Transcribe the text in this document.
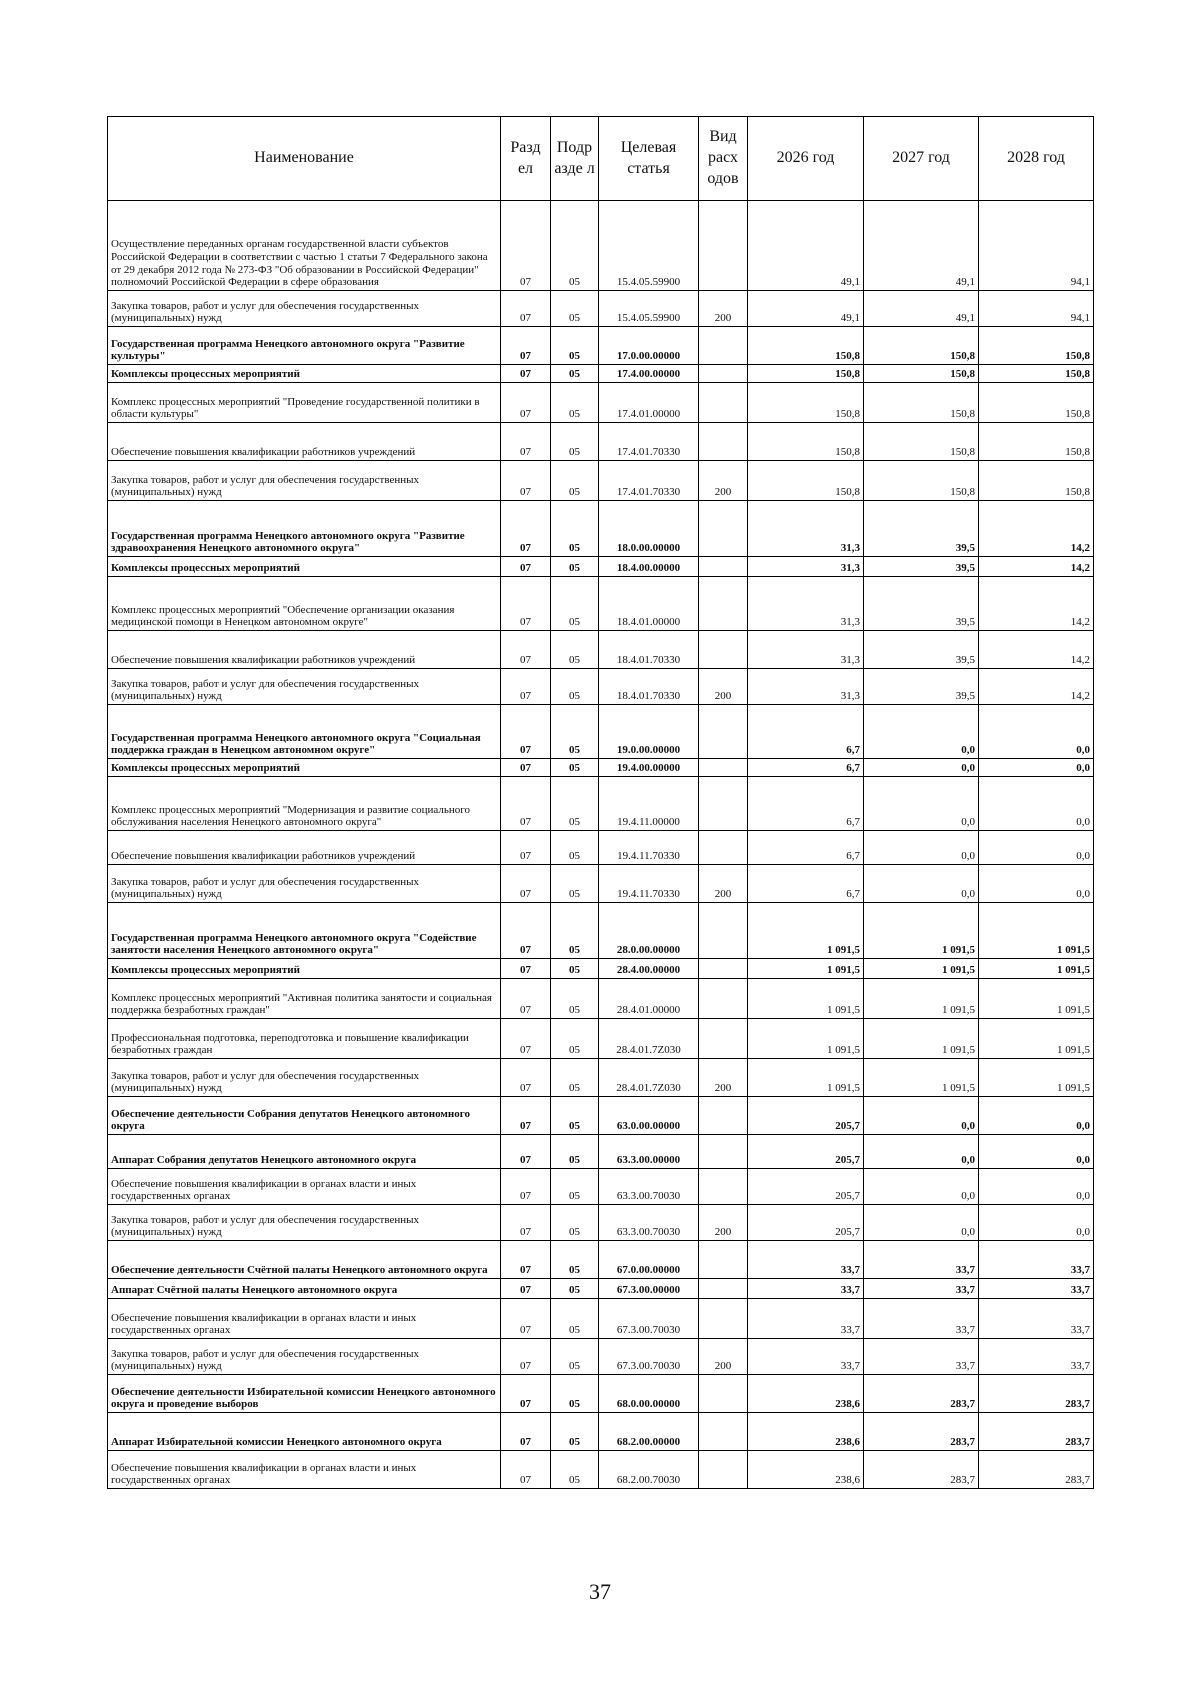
Наименование	Разд ел	Подр азде л	Целевая статья	Вид расх одов	2026 год	2027 год	2028 год
Осуществление переданных органам государственной власти субъектов Российской Федерации в соответствии с частью 1 статьи 7 Федерального закона от 29 декабря 2012 года № 273-ФЗ "Об образовании в Российской Федерации" полномочий Российской Федерации в сфере образования	07	05	15.4.05.59900		49,1	49,1	94,1
Закупка товаров, работ и услуг для обеспечения государственных (муниципальных) нужд	07	05	15.4.05.59900	200	49,1	49,1	94,1
Государственная программа Ненецкого автономного округа "Развитие культуры"	07	05	17.0.00.00000		150,8	150,8	150,8
Комплексы процессных мероприятий	07	05	17.4.00.00000		150,8	150,8	150,8
Комплекс процессных мероприятий "Проведение государственной политики в области культуры"	07	05	17.4.01.00000		150,8	150,8	150,8
Обеспечение повышения квалификации работников учреждений	07	05	17.4.01.70330		150,8	150,8	150,8
Закупка товаров, работ и услуг для обеспечения государственных (муниципальных) нужд	07	05	17.4.01.70330	200	150,8	150,8	150,8
Государственная программа Ненецкого автономного округа "Развитие здравоохранения Ненецкого автономного округа"	07	05	18.0.00.00000		31,3	39,5	14,2
Комплексы процессных мероприятий	07	05	18.4.00.00000		31,3	39,5	14,2
Комплекс процессных мероприятий "Обеспечение организации оказания медицинской помощи в Ненецком автономном округе"	07	05	18.4.01.00000		31,3	39,5	14,2
Обеспечение повышения квалификации работников учреждений	07	05	18.4.01.70330		31,3	39,5	14,2
Закупка товаров, работ и услуг для обеспечения государственных (муниципальных) нужд	07	05	18.4.01.70330	200	31,3	39,5	14,2
Государственная программа Ненецкого автономного округа "Социальная поддержка граждан в Ненецком автономном округе"	07	05	19.0.00.00000		6,7	0,0	0,0
Комплексы процессных мероприятий	07	05	19.4.00.00000		6,7	0,0	0,0
Комплекс процессных мероприятий "Модернизация и развитие социального обслуживания населения Ненецкого автономного округа"	07	05	19.4.11.00000		6,7	0,0	0,0
Обеспечение повышения квалификации работников учреждений	07	05	19.4.11.70330		6,7	0,0	0,0
Закупка товаров, работ и услуг для обеспечения государственных (муниципальных) нужд	07	05	19.4.11.70330	200	6,7	0,0	0,0
Государственная программа Ненецкого автономного округа "Содействие занятости населения Ненецкого автономного округа"	07	05	28.0.00.00000		1 091,5	1 091,5	1 091,5
Комплексы процессных мероприятий	07	05	28.4.00.00000		1 091,5	1 091,5	1 091,5
Комплекс процессных мероприятий "Активная политика занятости и социальная поддержка безработных граждан"	07	05	28.4.01.00000		1 091,5	1 091,5	1 091,5
Профессиональная подготовка, переподготовка и повышение квалификации безработных граждан	07	05	28.4.01.7Z030		1 091,5	1 091,5	1 091,5
Закупка товаров, работ и услуг для обеспечения государственных (муниципальных) нужд	07	05	28.4.01.7Z030	200	1 091,5	1 091,5	1 091,5
Обеспечение деятельности Собрания депутатов Ненецкого автономного округа	07	05	63.0.00.00000		205,7	0,0	0,0
Аппарат Собрания депутатов Ненецкого автономного округа	07	05	63.3.00.00000		205,7	0,0	0,0
Обеспечение повышения квалификации в органах власти и иных государственных органах	07	05	63.3.00.70030		205,7	0,0	0,0
Закупка товаров, работ и услуг для обеспечения государственных (муниципальных) нужд	07	05	63.3.00.70030	200	205,7	0,0	0,0
Обеспечение деятельности Счётной палаты Ненецкого автономного округа	07	05	67.0.00.00000		33,7	33,7	33,7
Аппарат Счётной палаты Ненецкого автономного округа	07	05	67.3.00.00000		33,7	33,7	33,7
Обеспечение повышения квалификации в органах власти и иных государственных органах	07	05	67.3.00.70030		33,7	33,7	33,7
Закупка товаров, работ и услуг для обеспечения государственных (муниципальных) нужд	07	05	67.3.00.70030	200	33,7	33,7	33,7
Обеспечение деятельности Избирательной комиссии Ненецкого автономного округа и проведение выборов	07	05	68.0.00.00000		238,6	283,7	283,7
Аппарат Избирательной комиссии Ненецкого автономного округа	07	05	68.2.00.00000		238,6	283,7	283,7
Обеспечение повышения квалификации в органах власти и иных государственных органах	07	05	68.2.00.70030		238,6	283,7	283,7
37
